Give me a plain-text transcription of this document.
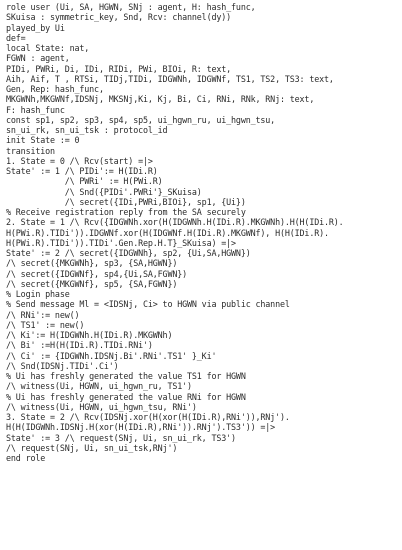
role user (Ui, SA, HGWN, SNj : agent, H: hash_func,
SKuisa : symmetric_key, Snd, Rcv: channel(dy))
played_by Ui
def=
local State: nat,
FGWN : agent,
PIDi, PWRi, Di, IDi, RIDi, PWi, BIOi, R: text,
Aih, Aif, T , RTSi, TIDj,TIDi, IDGWNh, IDGWNf, TS1, TS2, TS3: text,
Gen, Rep: hash_func,
MKGWNh,MKGWNf,IDSNj, MKSNj,Ki, Kj, Bi, Ci, RNi, RNk, RNj: text,
F: hash_func
const sp1, sp2, sp3, sp4, sp5, ui_hgwn_ru, ui_hgwn_tsu,
sn_ui_rk, sn_ui_tsk : protocol_id
init State := 0
transition
1. State = 0 /\ Rcv(start) =|>
State' := 1 /\ PIDi':= H(IDi.R)
/\ PWRi' := H(PWi.R)
/\ Snd({PIDi'.PWRi'}_SKuisa)
/\ secret({IDi,PWRi,BIOi}, sp1, {Ui})
% Receive registration reply from the SA securely
2. State = 1 /\ Rcv({IDGWNh.xor(H(IDGWNh.H(IDi.R).MKGWNh).H(H(IDi.R).
H(PWi.R).TIDi')).IDGWNf.xor(H(IDGWNf.H(IDi.R).MKGWNf), H(H(IDi.R).
H(PWi.R).TIDi')).TIDi'.Gen.Rep.H.T}_SKuisa) =|>
State' := 2 /\ secret({IDGWNh}, sp2, {Ui,SA,HGWN})
/\ secret({MKGWNh}, sp3, {SA,HGWN})
/\ secret({IDGWNf}, sp4,{Ui,SA,FGWN})
/\ secret({MKGWNf}, sp5, {SA,FGWN})
% Login phase
% Send message Ml = <IDSNj, Ci> to HGWN via public channel
/\ RNi':= new()
/\ TS1' := new()
/\ Ki':= H(IDGWNh.H(IDi.R).MKGWNh)
/\ Bi' :=H(H(IDi.R).TIDi.RNi')
/\ Ci' := {IDGWNh.IDSNj.Bi'.RNi'.TS1' }_Ki'
/\ Snd(IDSNj.TIDi'.Ci')
% Ui has freshly generated the value TS1 for HGWN
/\ witness(Ui, HGWN, ui_hgwn_ru, TS1')
% Ui has freshly generated the value RNi for HGWN
/\ witness(Ui, HGWN, ui_hgwn_tsu, RNi')
3. State = 2 /\ Rcv(IDSNj.xor(H(xor(H(IDi.R),RNi')),RNj').
H(H(IDGWNh.IDSNj.H(xor(H(IDi.R),RNi')).RNj').TS3')) =|>
State' := 3 /\ request(SNj, Ui, sn_ui_rk, TS3')
/\ request(SNj, Ui, sn_ui_tsk,RNj')
end role
